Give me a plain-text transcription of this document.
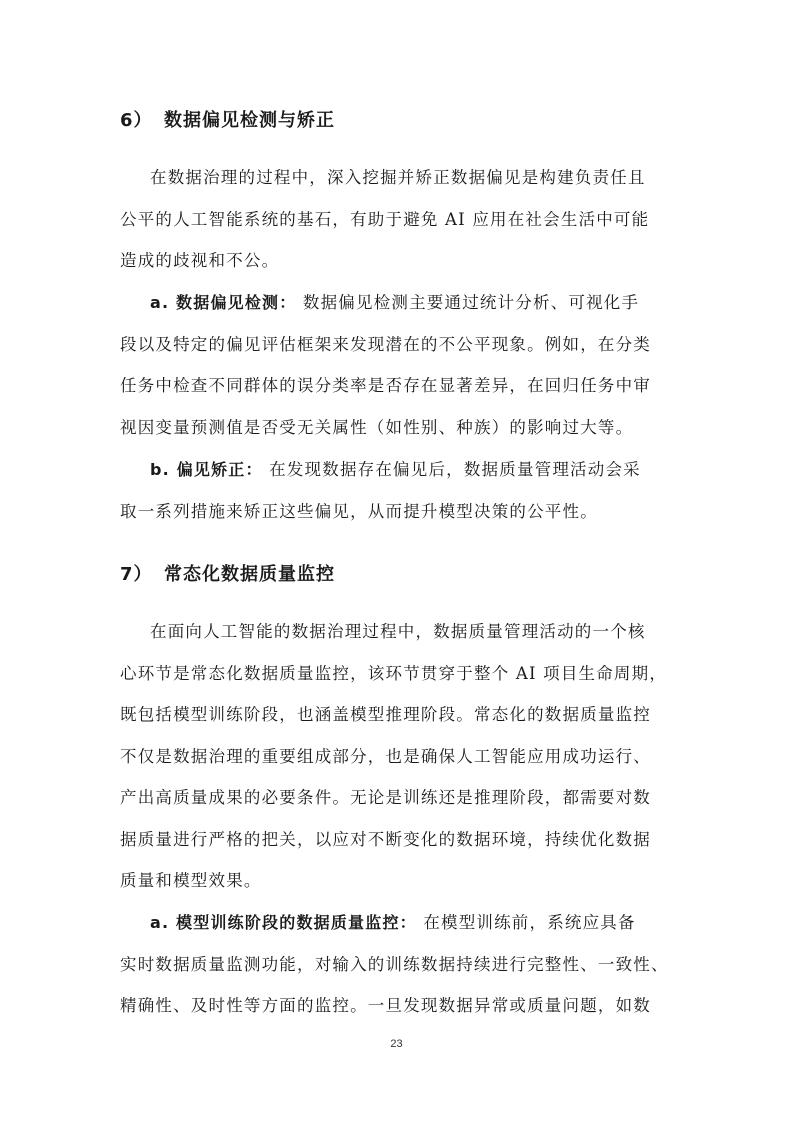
6） 数据偏见检测与矫正
在数据治理的过程中，深入挖掘并矫正数据偏见是构建负责任且
公平的人工智能系统的基石，有助于避免 AI 应用在社会生活中可能
造成的歧视和不公。
a. 数据偏见检测： 数据偏见检测主要通过统计分析、可视化手
段以及特定的偏见评估框架来发现潜在的不公平现象。例如，在分类
任务中检查不同群体的误分类率是否存在显著差异，在回归任务中审
视因变量预测值是否受无关属性（如性别、种族）的影响过大等。
b. 偏见矫正： 在发现数据存在偏见后，数据质量管理活动会采
取一系列措施来矫正这些偏见，从而提升模型决策的公平性。
7） 常态化数据质量监控
在面向人工智能的数据治理过程中，数据质量管理活动的一个核
心环节是常态化数据质量监控，该环节贯穿于整个 AI 项目生命周期，
既包括模型训练阶段，也涵盖模型推理阶段。常态化的数据质量监控
不仅是数据治理的重要组成部分，也是确保人工智能应用成功运行、
产出高质量成果的必要条件。无论是训练还是推理阶段，都需要对数
据质量进行严格的把关，以应对不断变化的数据环境，持续优化数据
质量和模型效果。
a. 模型训练阶段的数据质量监控： 在模型训练前，系统应具备
实时数据质量监测功能，对输入的训练数据持续进行完整性、一致性、
精确性、及时性等方面的监控。一旦发现数据异常或质量问题，如数
23
